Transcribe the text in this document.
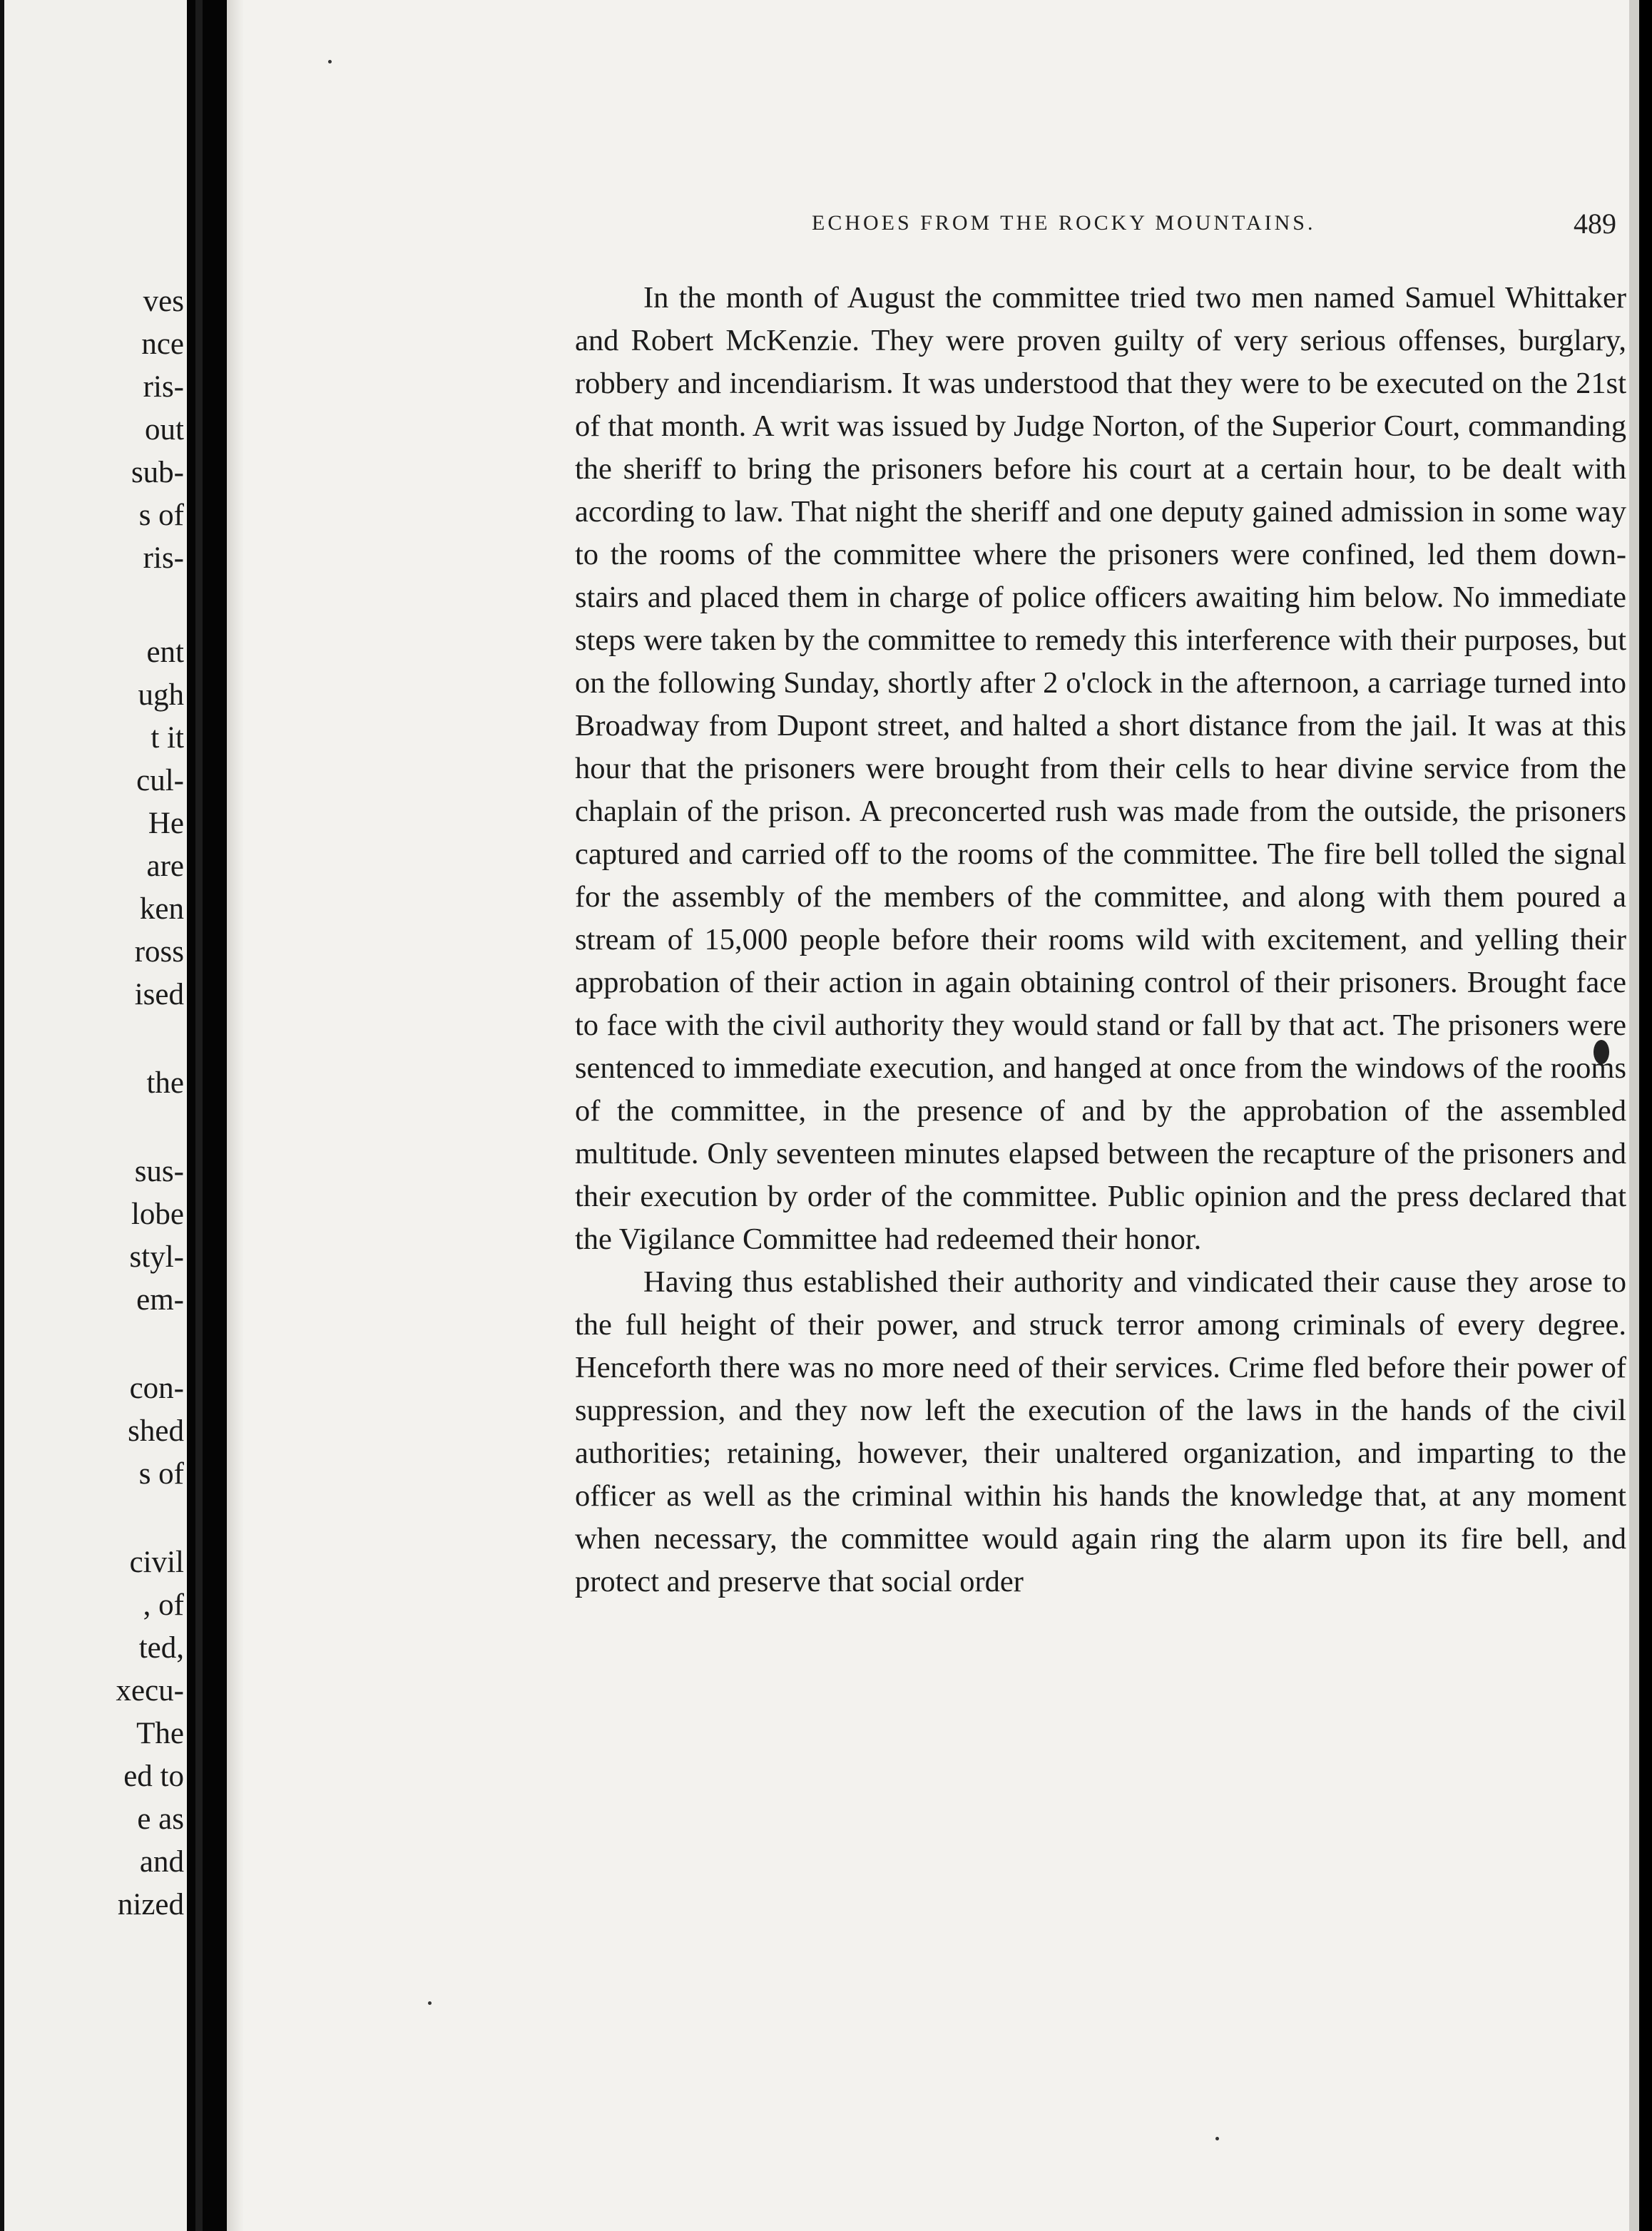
ves
nce
ris-
out
sub-
s of
ris-
ent
ugh
t it
cul-
He
are
ken
ross
ised
the
sus-
lobe
styl-
em-
con-
shed
s of
civil
, of
ted,
xecu-
The
ed to
e as
and
nized
ECHOES FROM THE ROCKY MOUNTAINS.	489

In the month of August the committee tried two men named Samuel Whittaker and Robert McKenzie. They were proven guilty of very serious offenses, burglary, robbery and incendiarism. It was understood that they were to be executed on the 21st of that month. A writ was issued by Judge Norton, of the Superior Court, commanding the sheriff to bring the prisoners before his court at a certain hour, to be dealt with according to law. That night the sheriff and one deputy gained admission in some way to the rooms of the committee where the prisoners were confined, led them down-stairs and placed them in charge of police officers awaiting him below. No immediate steps were taken by the committee to remedy this interference with their purposes, but on the following Sunday, shortly after 2 o'clock in the afternoon, a carriage turned into Broadway from Dupont street, and halted a short distance from the jail. It was at this hour that the prisoners were brought from their cells to hear divine service from the chaplain of the prison. A preconcerted rush was made from the outside, the prisoners captured and carried off to the rooms of the committee. The fire bell tolled the signal for the assembly of the members of the committee, and along with them poured a stream of 15,000 people before their rooms wild with excitement, and yelling their approbation of their action in again obtaining control of their prisoners. Brought face to face with the civil authority they would stand or fall by that act. The prisoners were sentenced to immediate execution, and hanged at once from the windows of the rooms of the committee, in the presence of and by the approbation of the assembled multitude. Only seventeen minutes elapsed between the recapture of the prisoners and their execution by order of the committee. Public opinion and the press declared that the Vigilance Committee had redeemed their honor.

Having thus established their authority and vindicated their cause they arose to the full height of their power, and struck terror among criminals of every degree. Henceforth there was no more need of their services. Crime fled before their power of suppression, and they now left the execution of the laws in the hands of the civil authorities; retaining, however, their unaltered organization, and imparting to the officer as well as the criminal within his hands the knowledge that, at any moment when necessary, the committee would again ring the alarm upon its fire bell, and protect and preserve that social order
